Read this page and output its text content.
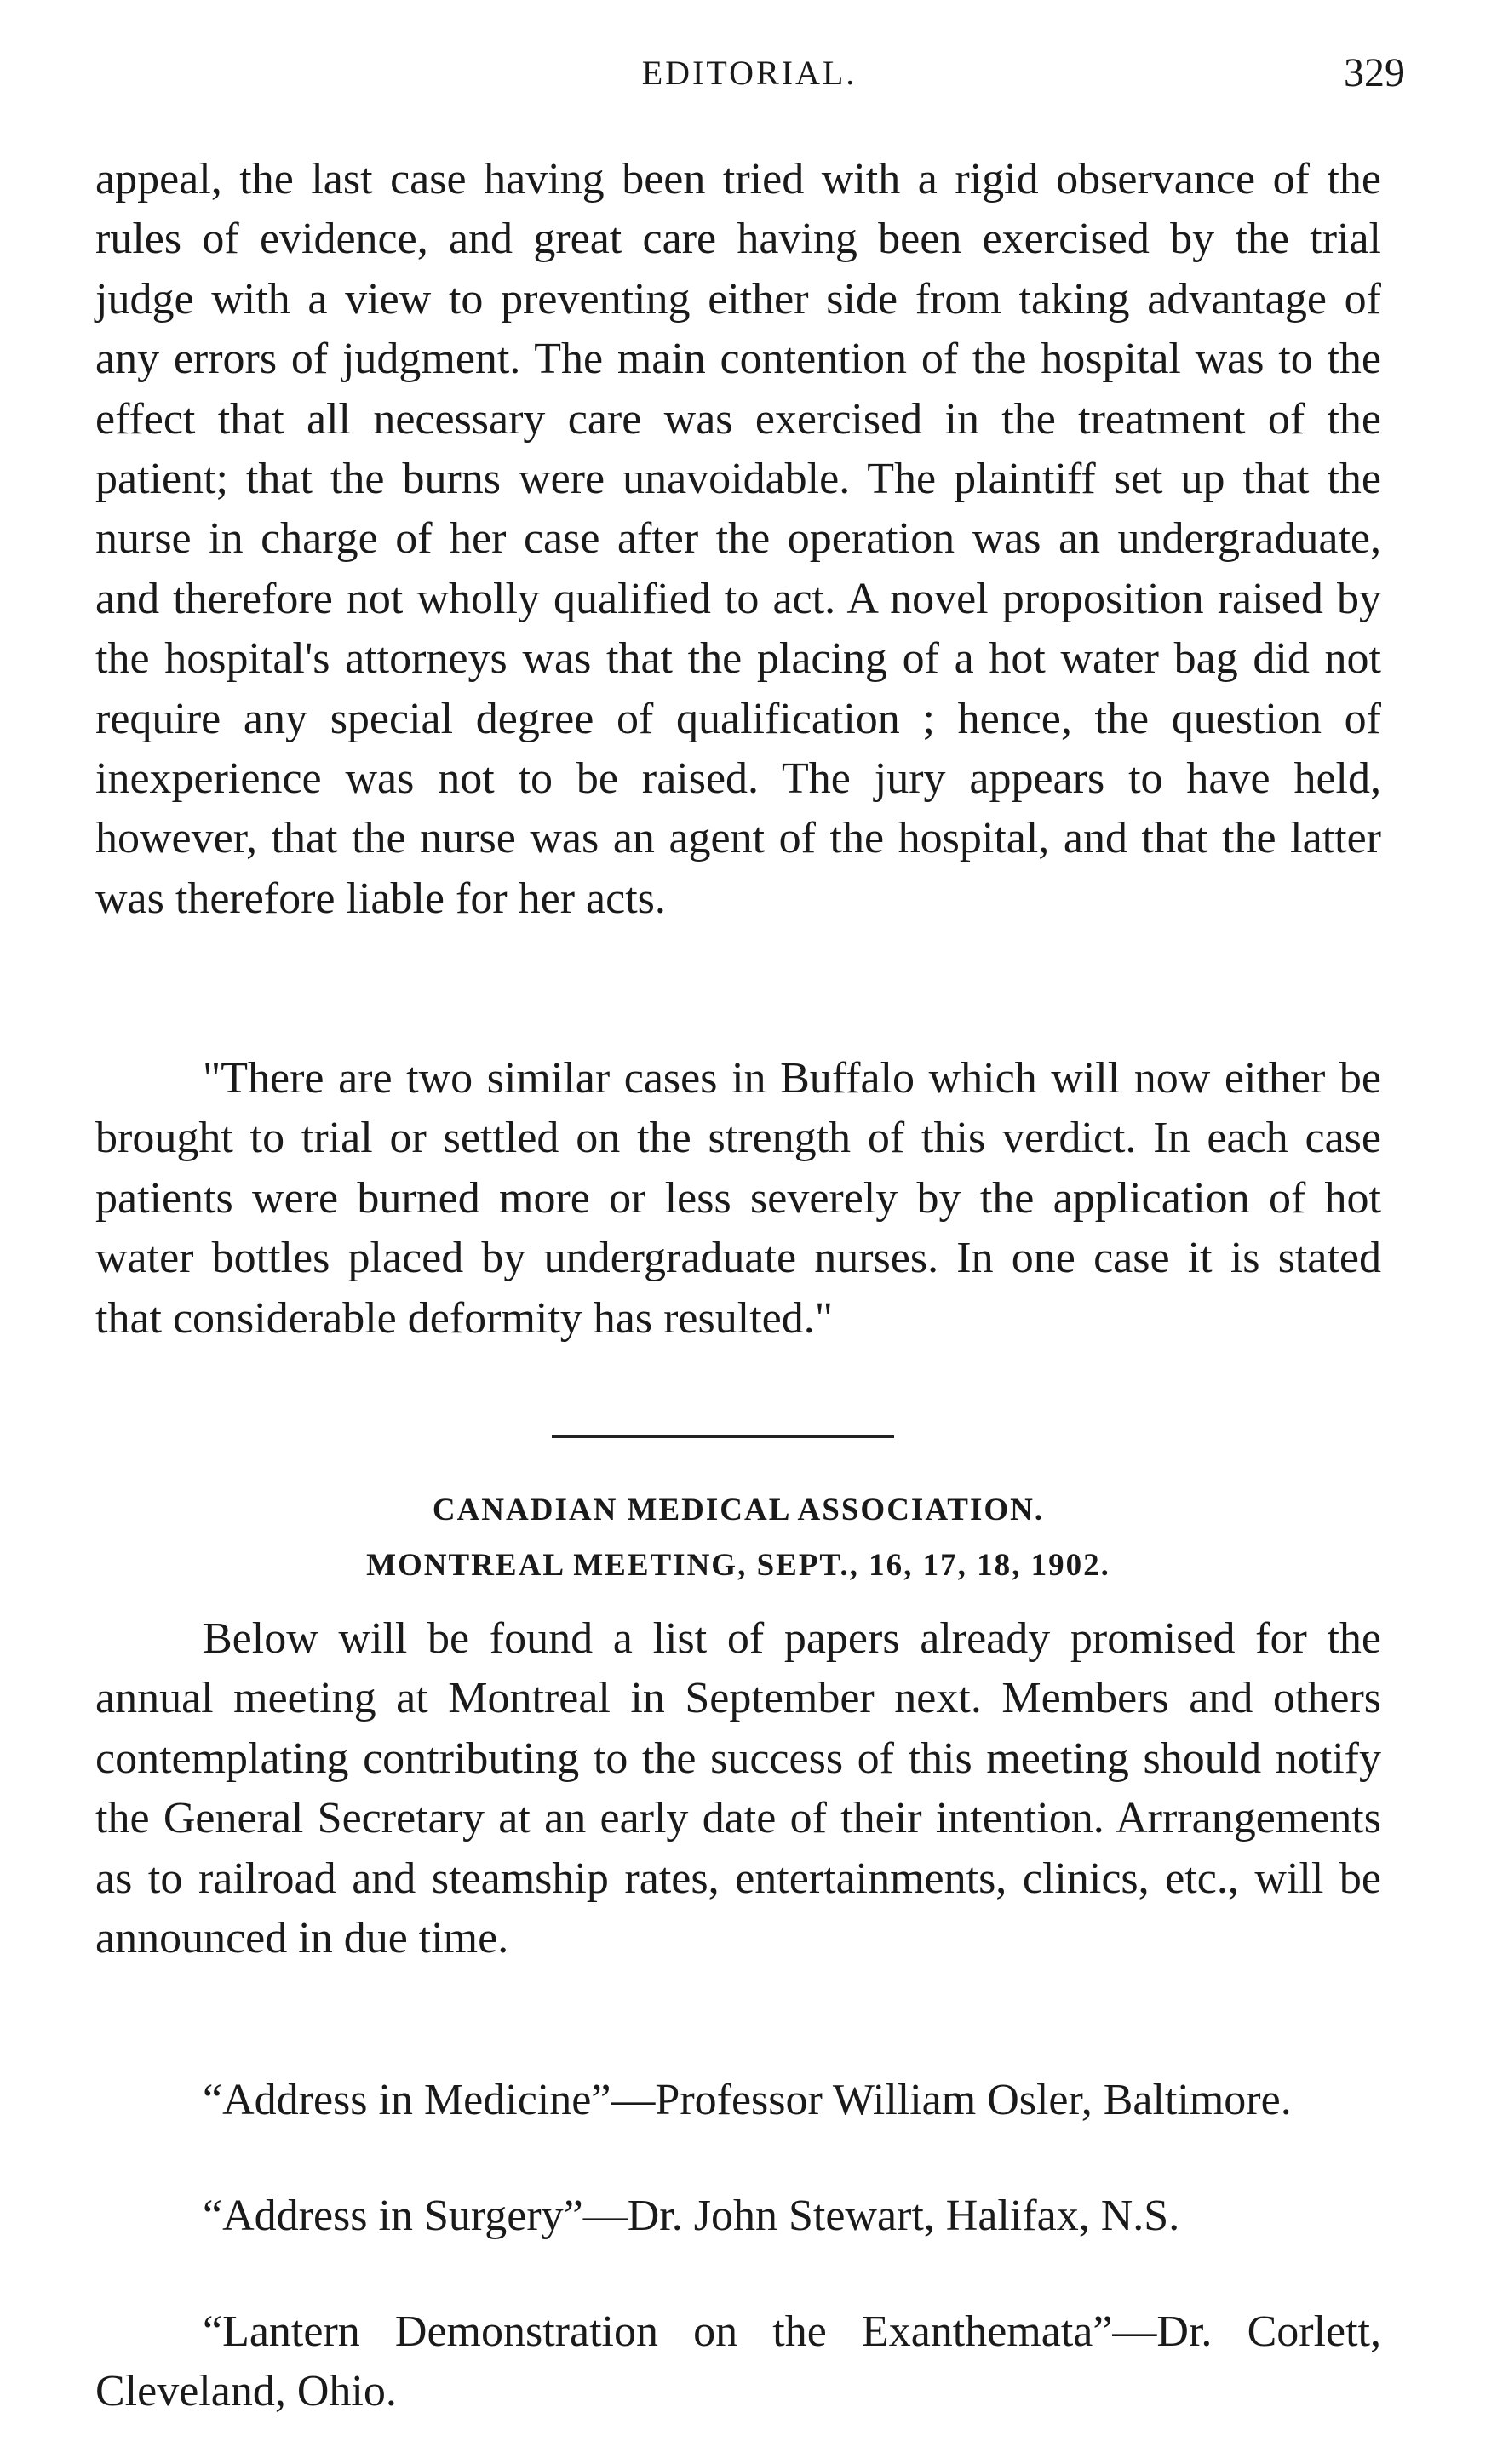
EDITORIAL.	329

appeal, the last case having been tried with a rigid observance of the rules of evidence, and great care having been exercised by the trial judge with a view to preventing either side from taking advantage of any errors of judgment. The main contention of the hospital was to the effect that all necessary care was exercised in the treatment of the patient; that the burns were unavoidable. The plaintiff set up that the nurse in charge of her case after the operation was an undergraduate, and therefore not wholly qualified to act. A novel proposition raised by the hospital's attorneys was that the placing of a hot water bag did not require any special degree of qualification ; hence, the question of inexperience was not to be raised. The jury appears to have held, however, that the nurse was an agent of the hospital, and that the latter was therefore liable for her acts.

"There are two similar cases in Buffalo which will now either be brought to trial or settled on the strength of this verdict. In each case patients were burned more or less severely by the application of hot water bottles placed by undergraduate nurses. In one case it is stated that considerable deformity has resulted."

CANADIAN MEDICAL ASSOCIATION.
MONTREAL MEETING, SEPT., 16, 17, 18, 1902.

Below will be found a list of papers already promised for the annual meeting at Montreal in September next. Members and others contemplating contributing to the success of this meeting should notify the General Secretary at an early date of their intention. Arrrangements as to railroad and steamship rates, entertainments, clinics, etc., will be announced in due time.

“Address in Medicine”—Professor William Osler, Baltimore.

“Address in Surgery”—Dr. John Stewart, Halifax, N.S.

“Lantern Demonstration on the Exanthemata”—Dr. Corlett, Cleveland, Ohio.
